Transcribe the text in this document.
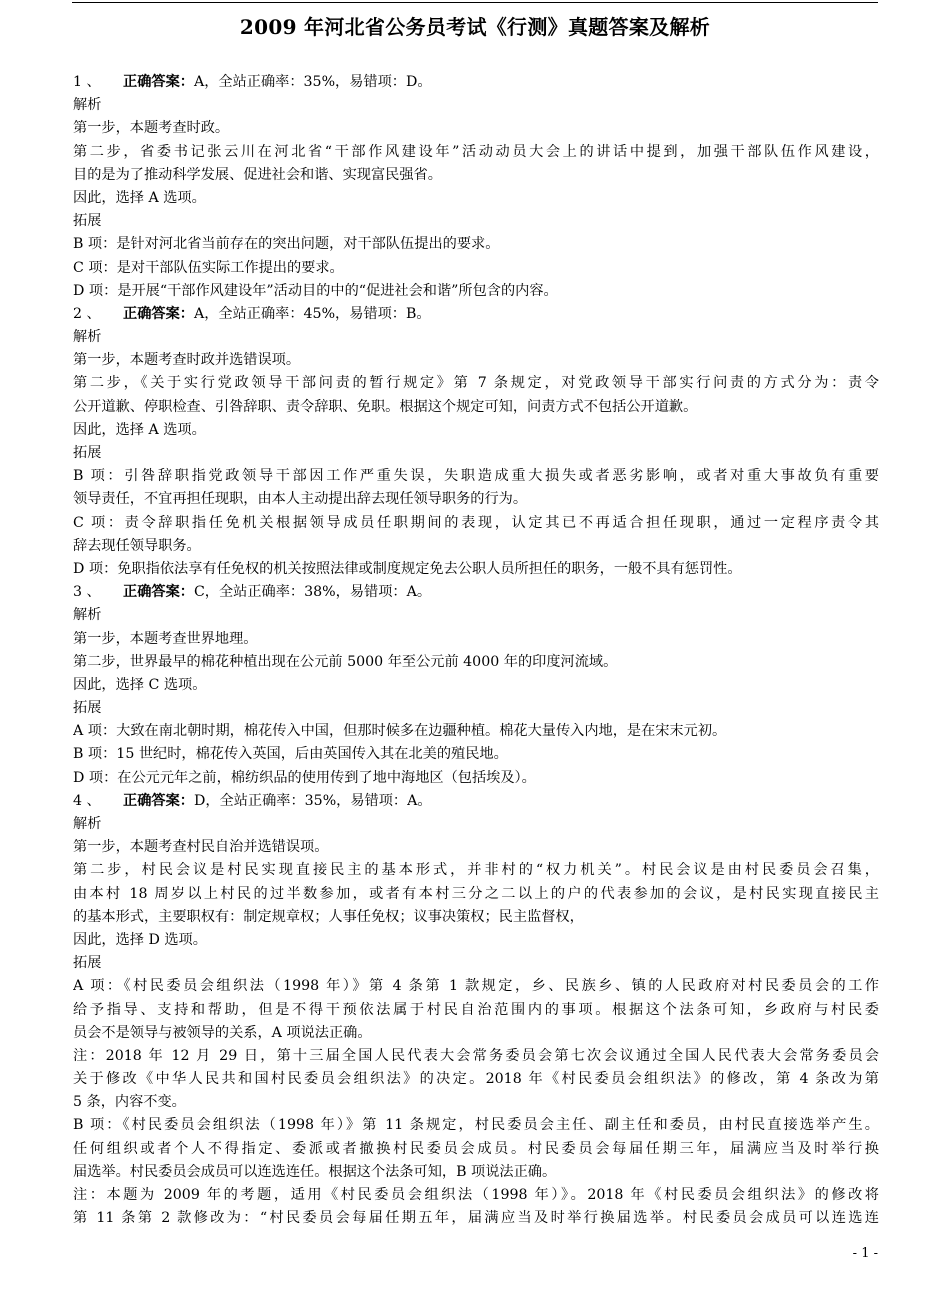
2009 年河北省公务员考试《行测》真题答案及解析
1 、 正确答案：A，全站正确率：35%，易错项：D。
解析
第一步，本题考查时政。
第二步，省委书记张云川在河北省“干部作风建设年”活动动员大会上的讲话中提到，加强干部队伍作风建设，
目的是为了推动科学发展、促进社会和谐、实现富民强省。
因此，选择 A 选项。
拓展
B 项：是针对河北省当前存在的突出问题，对干部队伍提出的要求。
C 项：是对干部队伍实际工作提出的要求。
D 项：是开展“干部作风建设年”活动目的中的“促进社会和谐”所包含的内容。
2 、 正确答案：A，全站正确率：45%，易错项：B。
解析
第一步，本题考查时政并选错误项。
第二步，《关于实行党政领导干部问责的暂行规定》第 7 条规定，对党政领导干部实行问责的方式分为：责令
公开道歉、停职检查、引咎辞职、责令辞职、免职。根据这个规定可知，问责方式不包括公开道歉。
因此，选择 A 选项。
拓展
B 项：引咎辞职指党政领导干部因工作严重失误，失职造成重大损失或者恶劣影响，或者对重大事故负有重要
领导责任，不宜再担任现职，由本人主动提出辞去现任领导职务的行为。
C 项：责令辞职指任免机关根据领导成员任职期间的表现，认定其已不再适合担任现职，通过一定程序责令其
辞去现任领导职务。
D 项：免职指依法享有任免权的机关按照法律或制度规定免去公职人员所担任的职务，一般不具有惩罚性。
3 、 正确答案：C，全站正确率：38%，易错项：A。
解析
第一步，本题考查世界地理。
第二步，世界最早的棉花种植出现在公元前 5000 年至公元前 4000 年的印度河流域。
因此，选择 C 选项。
拓展
A 项：大致在南北朝时期，棉花传入中国，但那时候多在边疆种植。棉花大量传入内地，是在宋末元初。
B 项：15 世纪时，棉花传入英国，后由英国传入其在北美的殖民地。
D 项：在公元元年之前，棉纺织品的使用传到了地中海地区（包括埃及）。
4 、 正确答案：D，全站正确率：35%，易错项：A。
解析
第一步，本题考查村民自治并选错误项。
第二步，村民会议是村民实现直接民主的基本形式，并非村的“权力机关”。村民会议是由村民委员会召集，
由本村 18 周岁以上村民的过半数参加，或者有本村三分之二以上的户的代表参加的会议，是村民实现直接民主
的基本形式，主要职权有：制定规章权；人事任免权；议事决策权；民主监督权，
因此，选择 D 选项。
拓展
A 项：《村民委员会组织法（1998 年）》第 4 条第 1 款规定，乡、民族乡、镇的人民政府对村民委员会的工作
给予指导、支持和帮助，但是不得干预依法属于村民自治范围内的事项。根据这个法条可知，乡政府与村民委
员会不是领导与被领导的关系，A 项说法正确。
注：2018 年 12 月 29 日，第十三届全国人民代表大会常务委员会第七次会议通过全国人民代表大会常务委员会
关于修改《中华人民共和国村民委员会组织法》的决定。2018 年《村民委员会组织法》的修改，第 4 条改为第
5 条，内容不变。
B 项：《村民委员会组织法（1998 年）》第 11 条规定，村民委员会主任、副主任和委员，由村民直接选举产生。
任何组织或者个人不得指定、委派或者撤换村民委员会成员。村民委员会每届任期三年，届满应当及时举行换
届选举。村民委员会成员可以连选连任。根据这个法条可知，B 项说法正确。
注：本题为 2009 年的考题，适用《村民委员会组织法（1998 年）》。2018 年《村民委员会组织法》的修改将
第 11 条第 2 款修改为：“村民委员会每届任期五年，届满应当及时举行换届选举。村民委员会成员可以连选连
- 1 -
